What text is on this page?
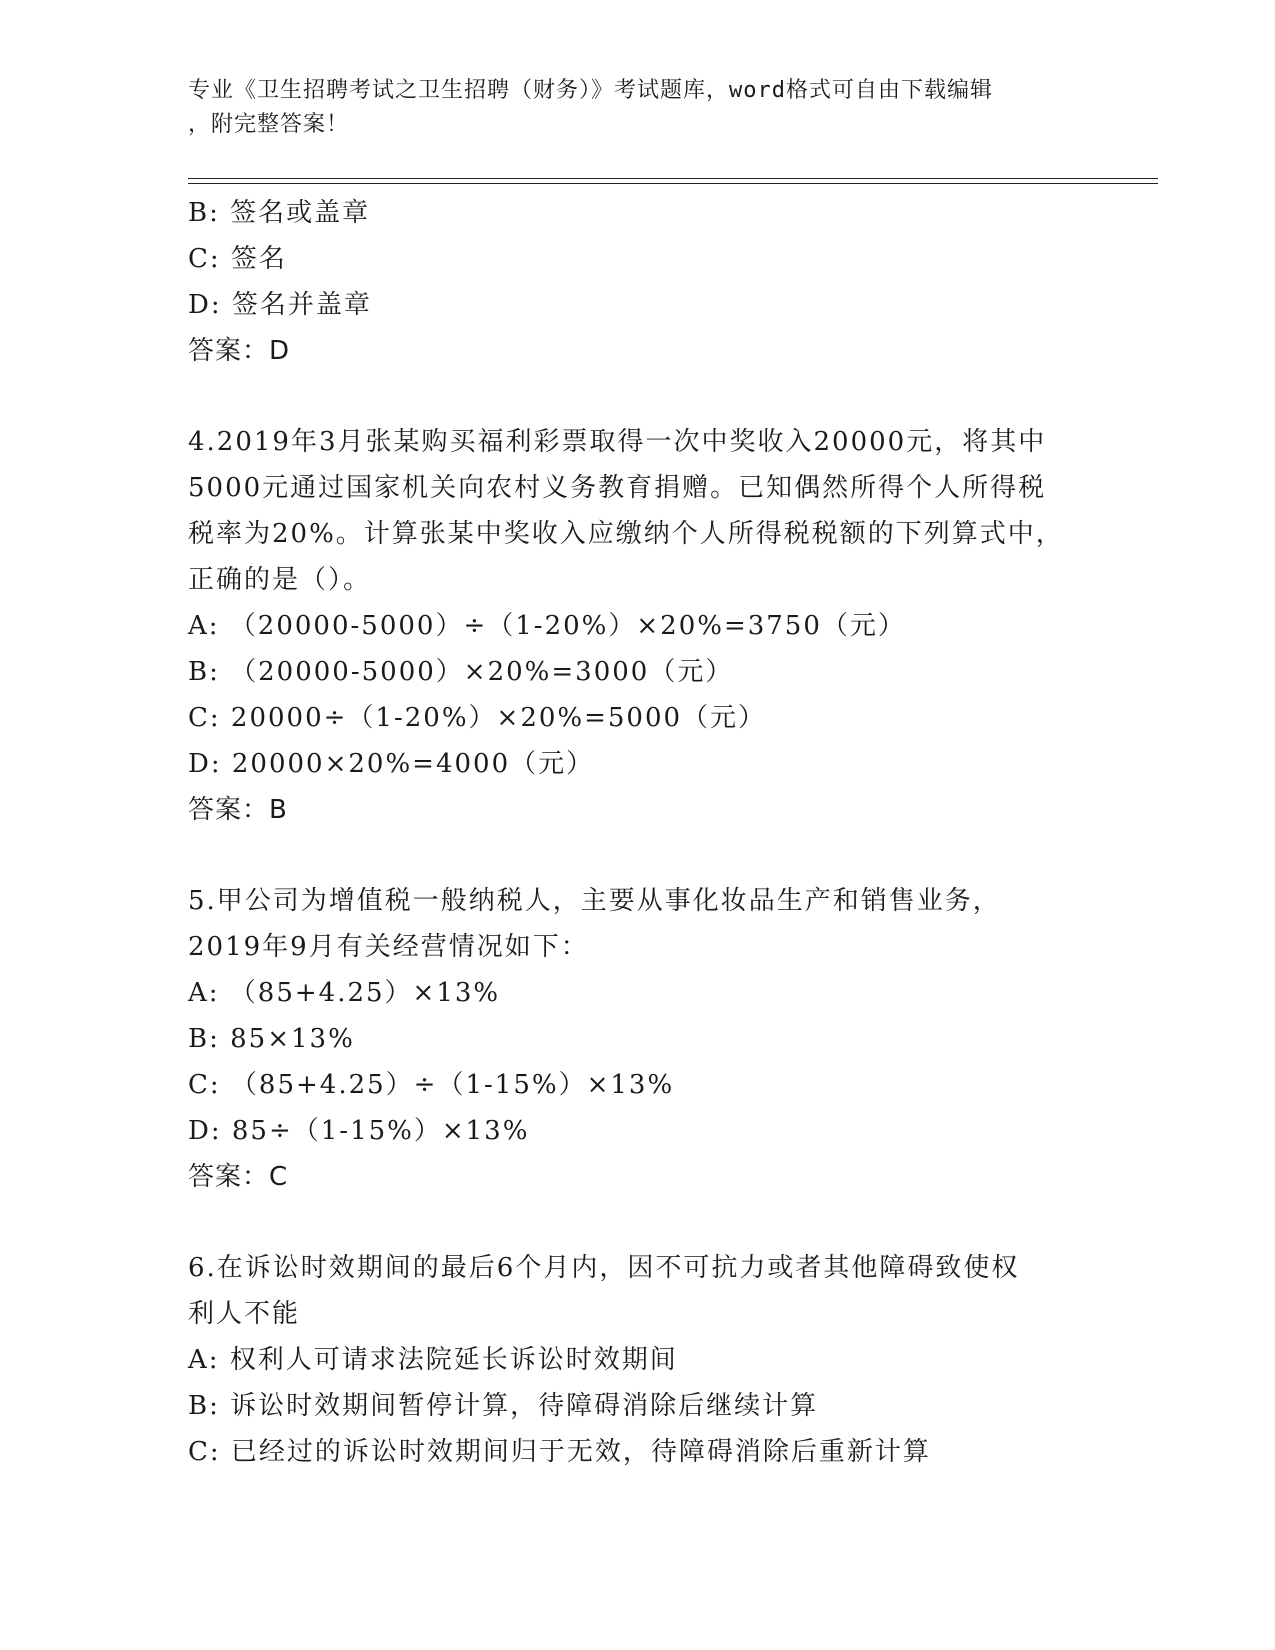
专业《卫生招聘考试之卫生招聘（财务）》考试题库，word格式可自由下载编辑
，附完整答案！
B: 签名或盖章
C: 签名
D: 签名并盖章
答案：D
4.2019年3月张某购买福利彩票取得一次中奖收入20000元，将其中
5000元通过国家机关向农村义务教育捐赠。已知偶然所得个人所得税
税率为20%。计算张某中奖收入应缴纳个人所得税税额的下列算式中，
正确的是（）。
A: （20000-5000）÷（1-20%）×20%=3750（元）
B: （20000-5000）×20%=3000（元）
C: 20000÷（1-20%）×20%=5000（元）
D: 20000×20%=4000（元）
答案：B
5.甲公司为增值税一般纳税人，主要从事化妆品生产和销售业务，
2019年9月有关经营情况如下：
A: （85+4.25）×13%
B: 85×13%
C: （85+4.25）÷（1-15%）×13%
D: 85÷（1-15%）×13%
答案：C
6.在诉讼时效期间的最后6个月内，因不可抗力或者其他障碍致使权
利人不能
A: 权利人可请求法院延长诉讼时效期间
B: 诉讼时效期间暂停计算，待障碍消除后继续计算
C: 已经过的诉讼时效期间归于无效，待障碍消除后重新计算
